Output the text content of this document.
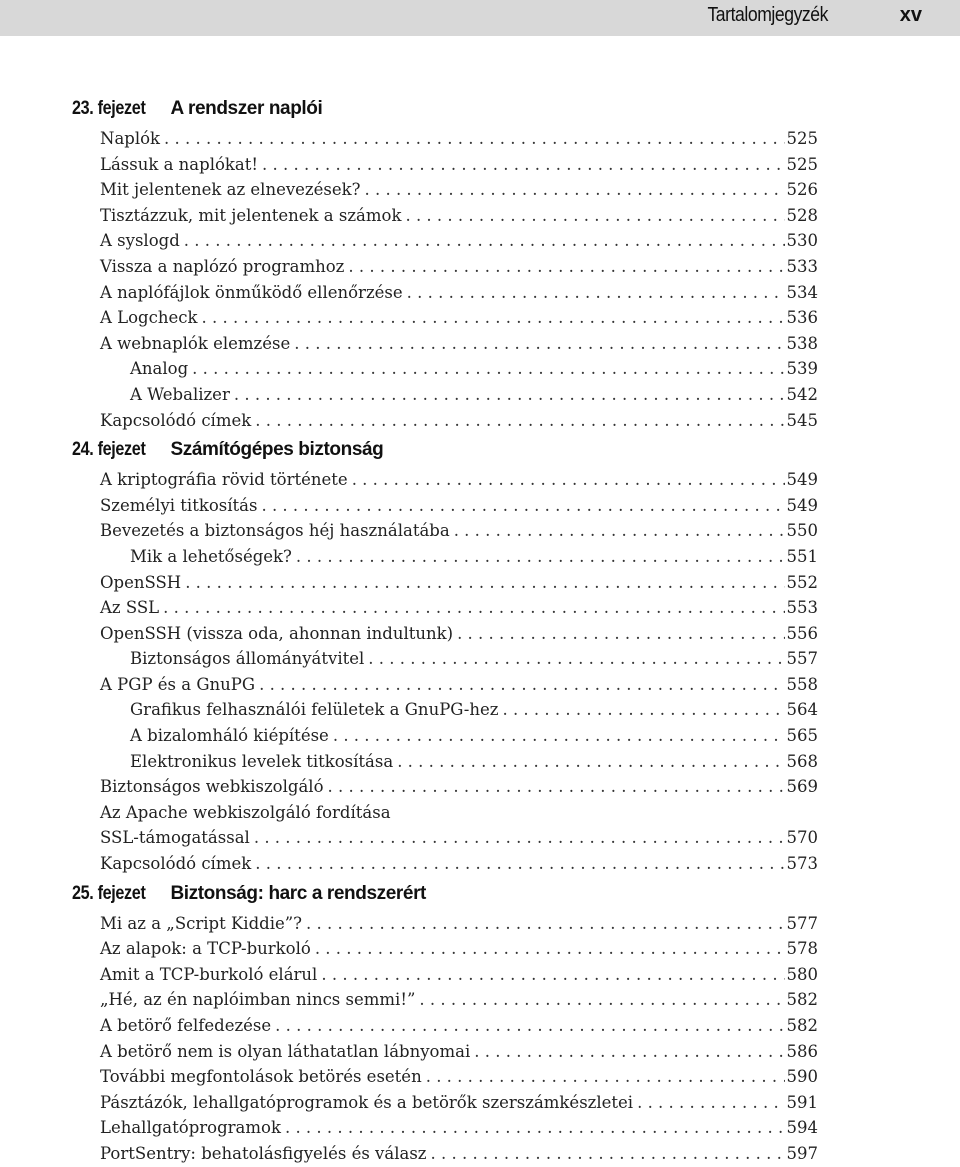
Tartalomjegyzék	xv
23. fejezet A rendszer naplói
Naplók . . .	525
Lássuk a naplókat! . . .	525
Mit jelentenek az elnevezések? . . .	526
Tisztázzuk, mit jelentenek a számok . . .	528
A syslogd . . .	530
Vissza a naplózó programhoz . . .	533
A naplófájlok önműködő ellenőrzése . . .	534
A Logcheck . . .	536
A webnaplók elemzése . . .	538
Analog . . .	539
A Webalizer . . .	542
Kapcsolódó címek . . .	545
24. fejezet Számítógépes biztonság
A kriptográfia rövid története . . .	549
Személyi titkosítás . . .	549
Bevezetés a biztonságos héj használatába . . .	550
Mik a lehetőségek? . . .	551
OpenSSH . . .	552
Az SSL . . .	553
OpenSSH (vissza oda, ahonnan indultunk) . . .	556
Biztonságos állományátvitel . . .	557
A PGP és a GnuPG . . .	558
Grafikus felhasználói felületek a GnuPG-hez . . .	564
A bizalomháló kiépítése . . .	565
Elektronikus levelek titkosítása . . .	568
Biztonságos webkiszolgáló . . .	569
Az Apache webkiszolgáló fordítása
SSL-támogatással . . .	570
Kapcsolódó címek . . .	573
25. fejezet Biztonság: harc a rendszerért
Mi az a „Script Kiddie”? . . .	577
Az alapok: a TCP-burkoló . . .	578
Amit a TCP-burkoló elárul . . .	580
„Hé, az én naplóimban nincs semmi!” . . .	582
A betörő felfedezése . . .	582
A betörő nem is olyan láthatatlan lábnyomai . . .	586
További megfontolások betörés esetén . . .	590
Pásztázók, lehallgatóprogramok és a betörők szerszámkészletei . . .	591
Lehallgatóprogramok . . .	594
PortSentry: behatolásfigyelés és válasz . . .	597
